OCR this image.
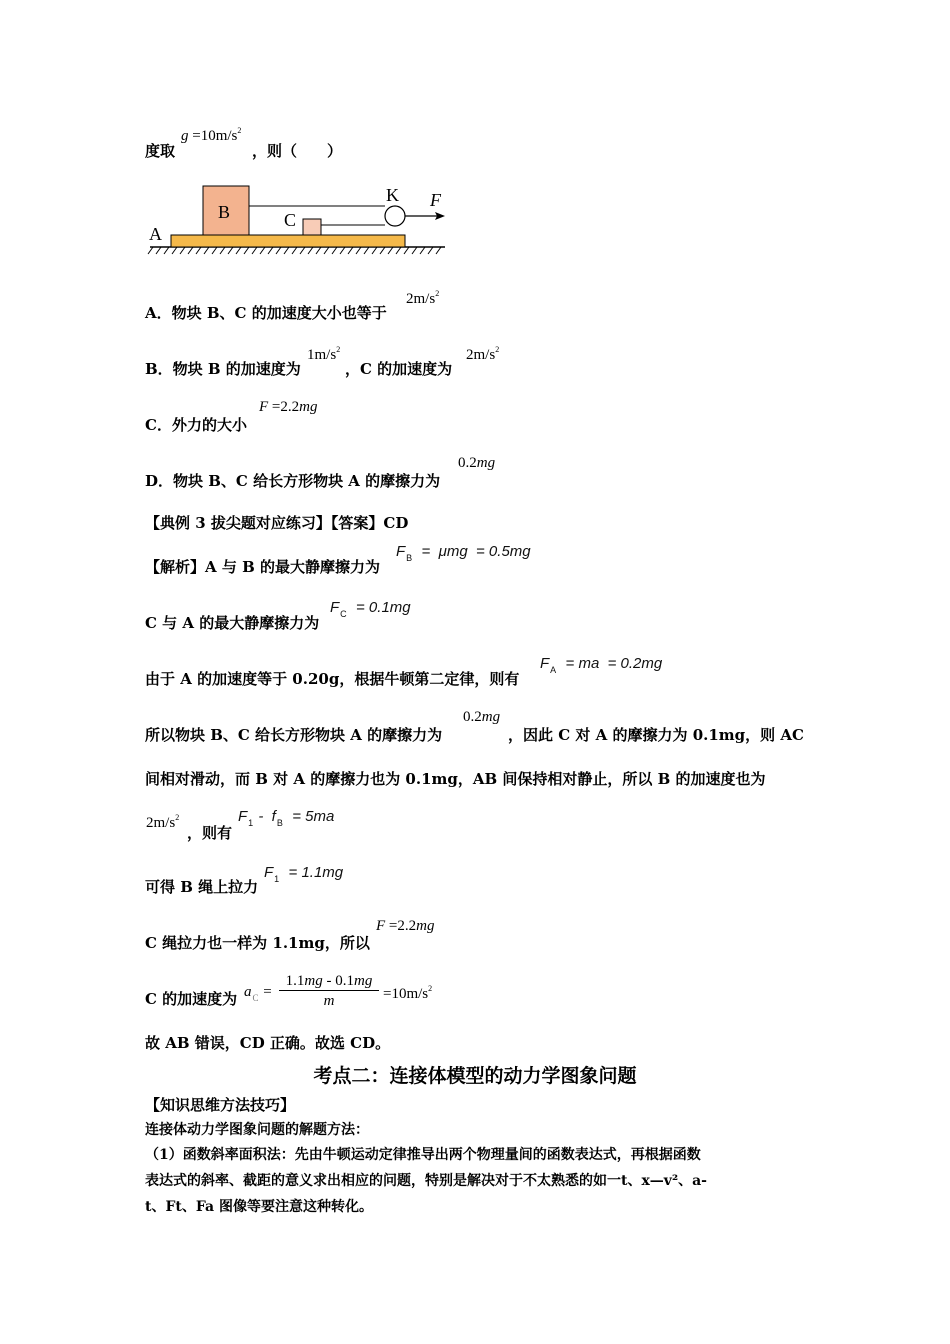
度取
$g =10m/s^2$
，则（　　）
A
B	C
K F
A．物块 B、C 的加速度大小也等于
$2m/s^2$
B．物块 B 的加速度为
$1m/s^2$
，C 的加速度为
$2m/s^2$
C．外力的大小
F =2.2mg
D．物块 B、C 给长方形物块 A 的摩擦力为
0.2mg
【典例 3 拔尖题对应练习】【答案】CD
【解析】A 与 B 的最大静摩擦力为
$F_B = \mu mg = 0.5mg$
C 与 A 的最大静摩擦力为
$F_C = 0.1mg$
由于 A 的加速度等于 0.20g，根据牛顿第二定律，则有
$F_A$  = ma  = 0.2mg
所以物块 B、C 给长方形物块 A 的摩擦力为
0.2mg
，因此 C 对 A 的摩擦力为 0.1mg，则 AC
间相对滑动，而 B 对 A 的摩擦力也为 0.1mg，AB 间保持相对静止，所以 B 的加速度也为
$2m/s^2$
，则有
$F_1 - f_B = 5ma$
可得 B 绳上拉力
$F_1 = 1.1mg$
C 绳拉力也一样为 1.1mg，所以
F =2.2mg
C 的加速度为 $a_C$ =
1.1mg - 0.1mg
m	$=10m/s^2$
故 AB 错误，CD 正确。故选 CD。
考点二：连接体模型的动力学图象问题
【知识思维方法技巧】
连接体动力学图象问题的解题方法：
（1）函数斜率面积法：先由牛顿运动定律推导出两个物理量间的函数表达式，再根据函数
表达式的斜率、截距的意义求出相应的问题，特别是解决对于不太熟悉的如一t、x—v²、a-
t、Ft、Fa 图像等要注意这种转化。
